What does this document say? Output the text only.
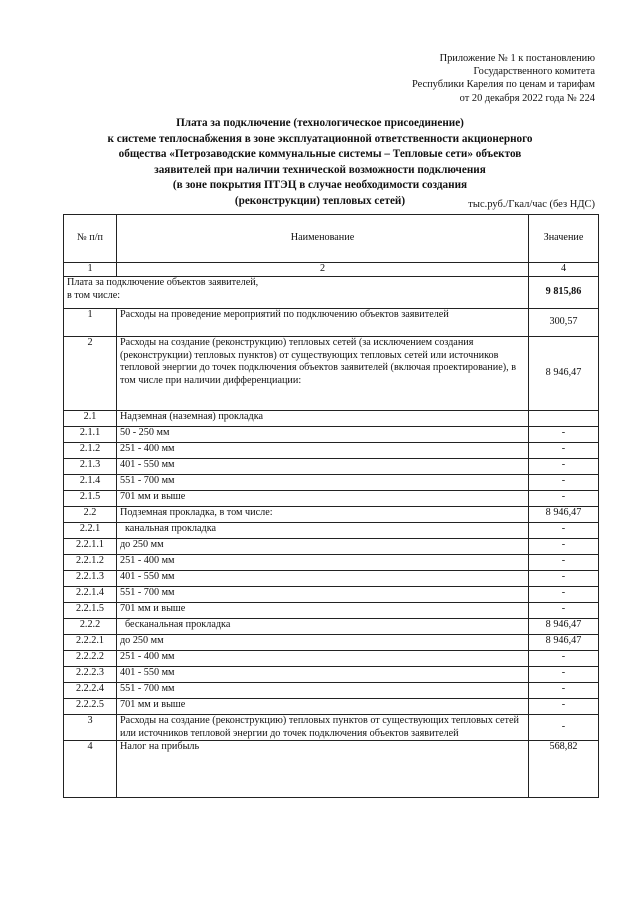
Приложение № 1 к постановлению
Государственного комитета
Республики Карелия по ценам и тарифам
от 20 декабря 2022 года № 224
Плата за подключение (технологическое присоединение)
к системе теплоснабжения в зоне эксплуатационной ответственности акционерного
общества «Петрозаводские коммунальные системы – Тепловые сети» объектов
заявителей при наличии технической возможности подключения
(в зоне покрытия ПТЭЦ в случае необходимости создания
(реконструкции) тепловых сетей)	тыс.руб./Гкал/час (без НДС)
№ п/п	Наименование	Значение
1	2	4

Плата за подключение объектов заявителей,
в том числе:		9 815,86
1	Расходы на проведение мероприятий по подключению объектов заявителей	300,57
2	Расходы на создание (реконструкцию) тепловых сетей (за исключением создания (реконструкции) тепловых пунктов) от существующих тепловых сетей или источников тепловой энергии до точек подключения объектов заявителей (включая проектирование), в том числе при наличии дифференциации:	8 946,47
2.1	Надземная (наземная) прокладка	
2.1.1	50 - 250 мм	-
2.1.2	251 - 400 мм	-
2.1.3	401 - 550 мм	-
2.1.4	551 - 700 мм	-
2.1.5	701 мм и выше	-
2.2	Подземная прокладка, в том числе:	8 946,47
2.2.1	канальная прокладка	-
2.2.1.1	до 250 мм	-
2.2.1.2	251 - 400 мм	-
2.2.1.3	401 - 550 мм	-
2.2.1.4	551 - 700 мм	-
2.2.1.5	701 мм и выше	-
2.2.2	бесканальная прокладка	8 946,47
2.2.2.1	до 250 мм	8 946,47
2.2.2.2	251 - 400 мм	-
2.2.2.3	401 - 550 мм	-
2.2.2.4	551 - 700 мм	-
2.2.2.5	701 мм и выше	-
3	Расходы на создание (реконструкцию) тепловых пунктов от существующих тепловых сетей или источников тепловой энергии до точек подключения объектов заявителей	-
4	Налог на прибыль	568,82
